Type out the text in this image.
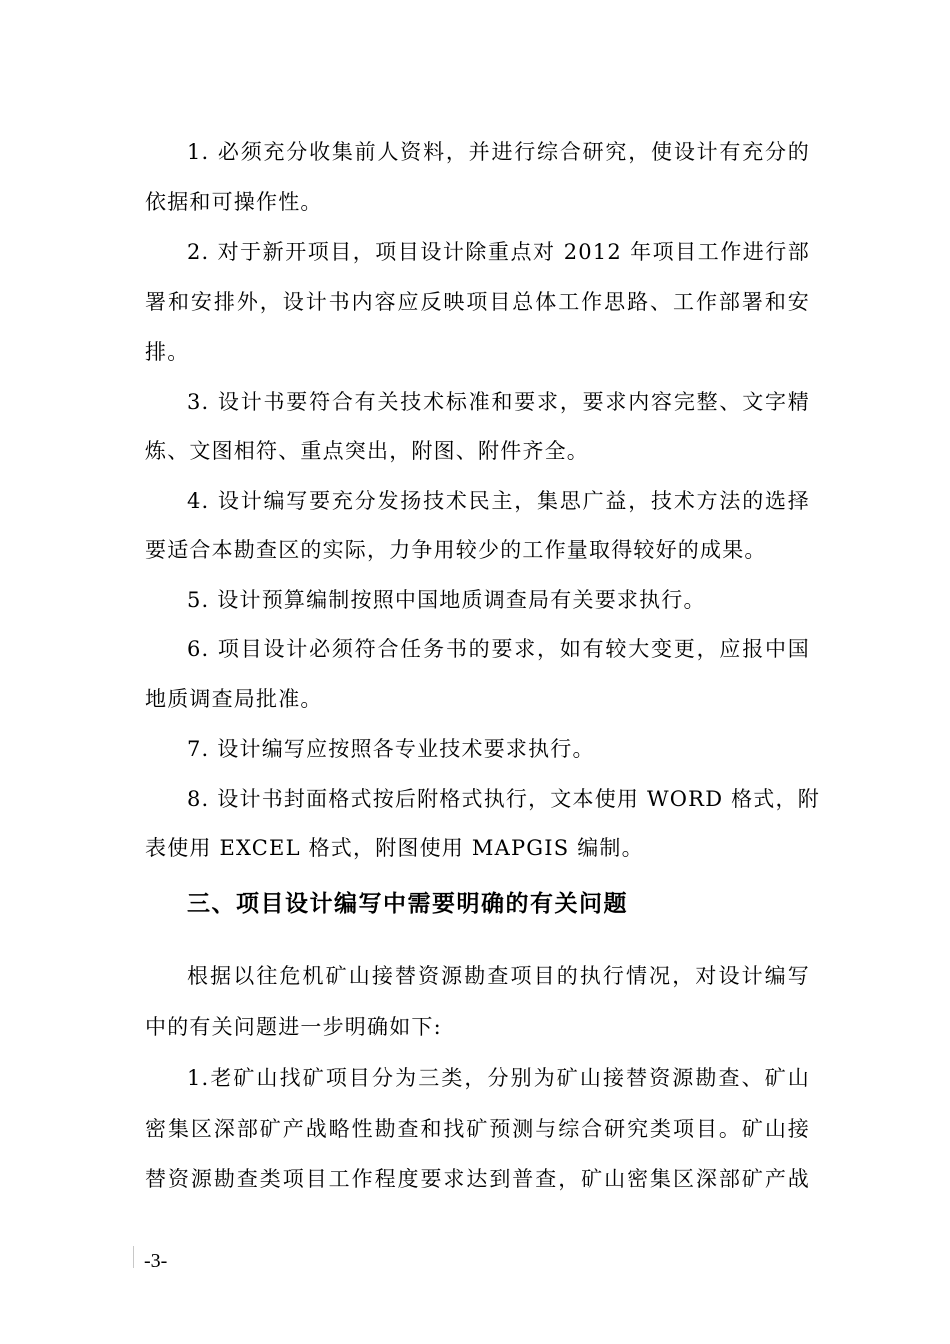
1. 必须充分收集前人资料，并进行综合研究，使设计有充分的
依据和可操作性。
2. 对于新开项目，项目设计除重点对 2012 年项目工作进行部
署和安排外，设计书内容应反映项目总体工作思路、工作部署和安
排。
3. 设计书要符合有关技术标准和要求，要求内容完整、文字精
炼、文图相符、重点突出，附图、附件齐全。
4. 设计编写要充分发扬技术民主，集思广益，技术方法的选择
要适合本勘查区的实际，力争用较少的工作量取得较好的成果。
5. 设计预算编制按照中国地质调查局有关要求执行。
6. 项目设计必须符合任务书的要求，如有较大变更，应报中国
地质调查局批准。
7. 设计编写应按照各专业技术要求执行。
8. 设计书封面格式按后附格式执行，文本使用 WORD 格式，附
表使用 EXCEL 格式，附图使用 MAPGIS 编制。
三、项目设计编写中需要明确的有关问题
根据以往危机矿山接替资源勘查项目的执行情况，对设计编写
中的有关问题进一步明确如下:
1.老矿山找矿项目分为三类，分别为矿山接替资源勘查、矿山
密集区深部矿产战略性勘查和找矿预测与综合研究类项目。矿山接
替资源勘查类项目工作程度要求达到普查，矿山密集区深部矿产战
-3-
